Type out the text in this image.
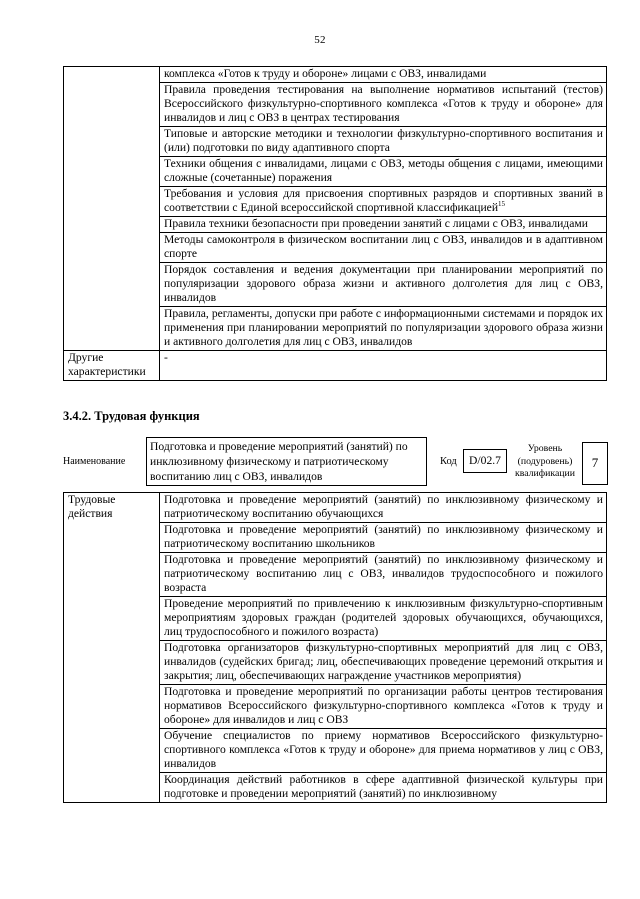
52
	комплекса «Готов к труду и обороне» лицами с ОВЗ, инвалидами
	Правила проведения тестирования на выполнение нормативов испытаний (тестов) Всероссийского физкультурно-спортивного комплекса «Готов к труду и обороне» для инвалидов и лиц с ОВЗ в центрах тестирования
	Типовые и авторские методики и технологии физкультурно-спортивного воспитания и (или) подготовки по виду адаптивного спорта
	Техники общения с инвалидами, лицами с ОВЗ, методы общения с лицами, имеющими сложные (сочетанные) поражения
	Требования и условия для присвоения спортивных разрядов и спортивных званий в соответствии с Единой всероссийской спортивной классификацией$^{15}$
	Правила техники безопасности при проведении занятий с лицами с ОВЗ, инвалидами
	Методы самоконтроля в физическом воспитании лиц с ОВЗ, инвалидов и в адаптивном спорте
	Порядок составления и ведения документации при планировании мероприятий по популяризации здорового образа жизни и активного долголетия для лиц с ОВЗ, инвалидов
	Правила, регламенты, допуски при работе с информационными системами и порядок их применения при планировании мероприятий по популяризации здорового образа жизни и активного долголетия для лиц с ОВЗ, инвалидов
Другие характеристики	-
3.4.2. Трудовая функция
Наименование
Подготовка и проведение мероприятий (занятий) по инклюзивному физическому и патриотическому воспитанию лиц с ОВЗ, инвалидов
Код	D/02.7
Уровень (подуровень) квалификации
7
Трудовые действия	Подготовка и проведение мероприятий (занятий) по инклюзивному физическому и патриотическому воспитанию обучающихся
Подготовка и проведение мероприятий (занятий) по инклюзивному физическому и патриотическому воспитанию школьников
Подготовка и проведение мероприятий (занятий) по инклюзивному физическому и патриотическому воспитанию лиц с ОВЗ, инвалидов трудоспособного и пожилого возраста
Проведение мероприятий по привлечению к инклюзивным физкультурно-спортивным мероприятиям здоровых граждан (родителей здоровых обучающихся, обучающихся, лиц трудоспособного и пожилого возраста)
Подготовка организаторов физкультурно-спортивных мероприятий для лиц с ОВЗ, инвалидов (судейских бригад; лиц, обеспечивающих проведение церемоний открытия и закрытия; лиц, обеспечивающих награждение участников мероприятия)
Подготовка и проведение мероприятий по организации работы центров тестирования нормативов Всероссийского физкультурно-спортивного комплекса «Готов к труду и обороне» для инвалидов и лиц с ОВЗ
Обучение специалистов по приему нормативов Всероссийского физкультурно-спортивного комплекса «Готов к труду и обороне» для приема нормативов у лиц с ОВЗ, инвалидов
Координация действий работников в сфере адаптивной физической культуры при подготовке и проведении мероприятий (занятий) по инклюзивному
